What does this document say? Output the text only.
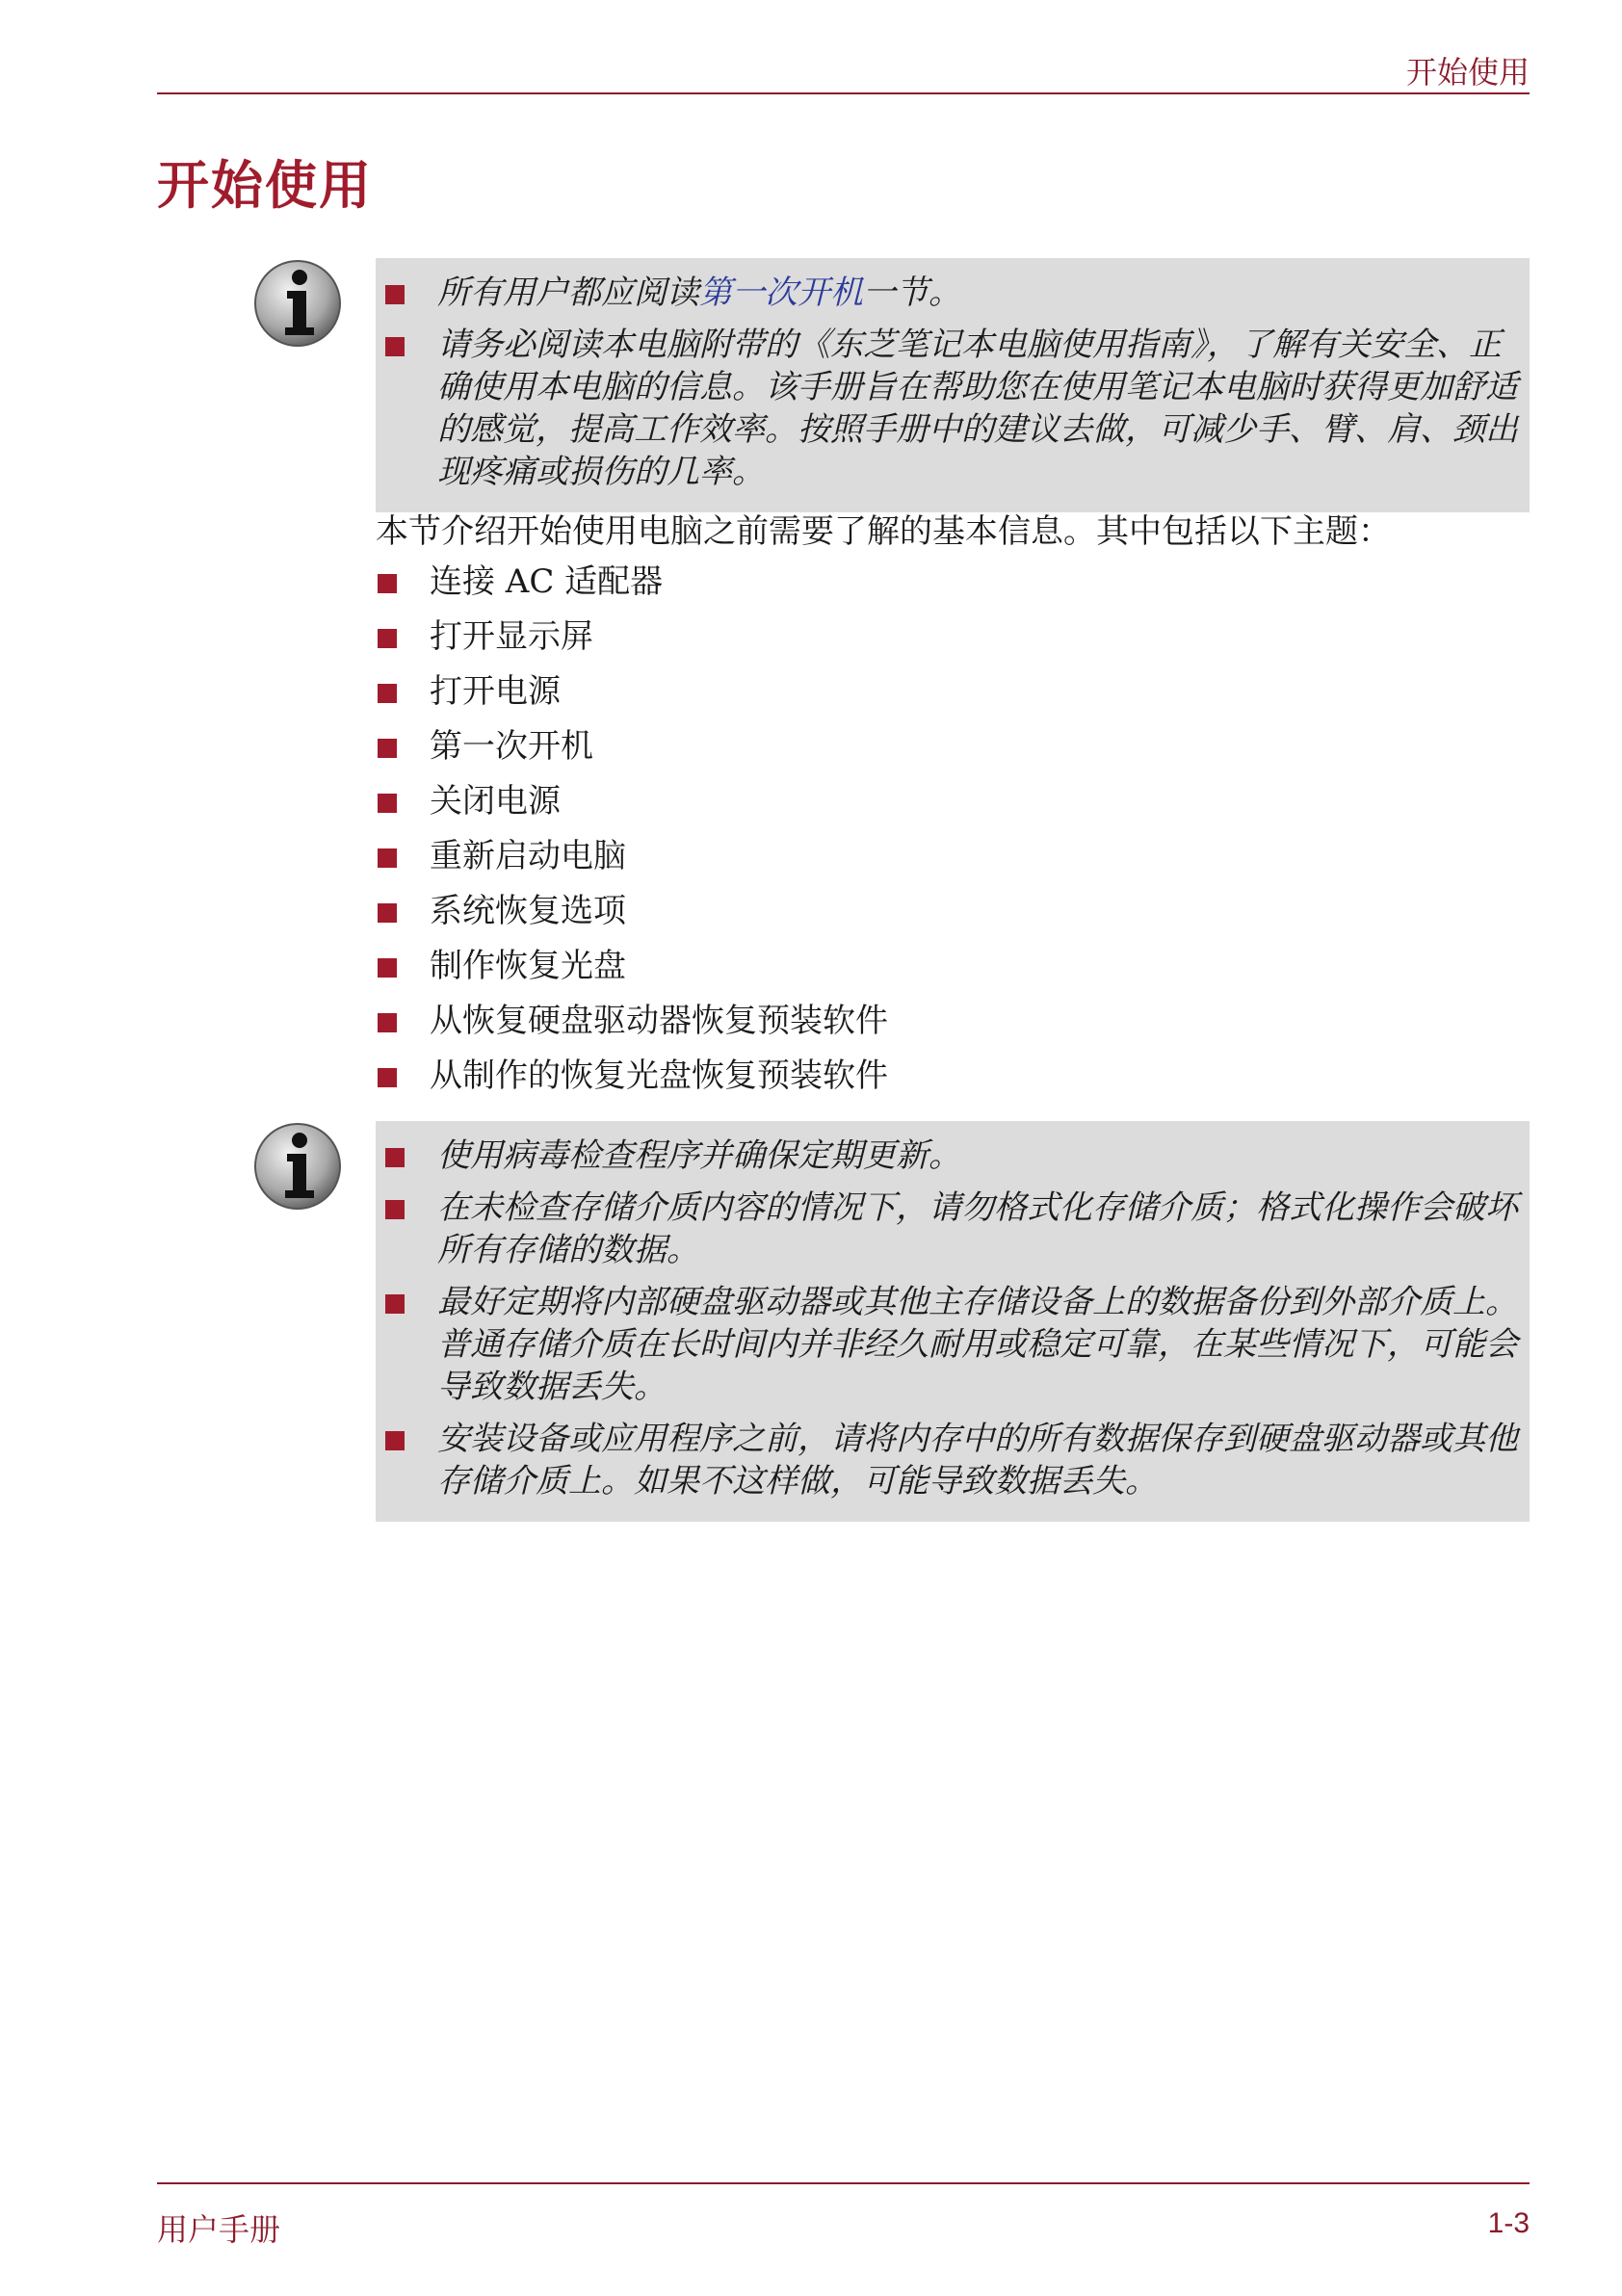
开始使用
开始使用
所有用户都应阅读第一次开机一节。
请务必阅读本电脑附带的《东芝笔记本电脑使用指南》，了解有关安全、正确使用本电脑的信息。该手册旨在帮助您在使用笔记本电脑时获得更加舒适的感觉，提高工作效率。按照手册中的建议去做，可减少手、臂、肩、颈出现疼痛或损伤的几率。
本节介绍开始使用电脑之前需要了解的基本信息。其中包括以下主题：
连接 AC 适配器
打开显示屏
打开电源
第一次开机
关闭电源
重新启动电脑
系统恢复选项
制作恢复光盘
从恢复硬盘驱动器恢复预装软件
从制作的恢复光盘恢复预装软件
使用病毒检查程序并确保定期更新。
在未检查存储介质内容的情况下，请勿格式化存储介质；格式化操作会破坏所有存储的数据。
最好定期将内部硬盘驱动器或其他主存储设备上的数据备份到外部介质上。普通存储介质在长时间内并非经久耐用或稳定可靠，在某些情况下，可能会导致数据丢失。
安装设备或应用程序之前，请将内存中的所有数据保存到硬盘驱动器或其他存储介质上。如果不这样做，可能导致数据丢失。
用户手册	1-3
